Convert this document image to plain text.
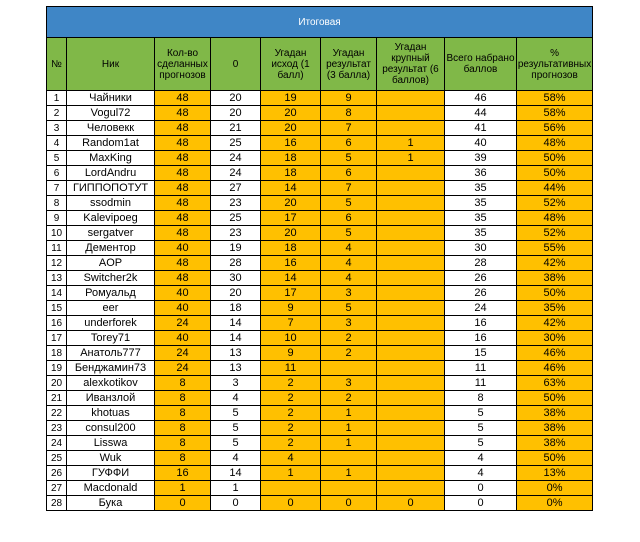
Итоговая								
№	Ник	Кол-во сделанных прогнозов	0	Угадан исход (1 балл)	Угадан результат (3 балла)	Угадан крупный результат (6 баллов)	Всего набрано баллов	% результативных прогнозов
1	Чайники	48	20	19	9		46	58%
2	Vogul72	48	20	20	8		44	58%
3	Человекк	48	21	20	7		41	56%
4	Random1at	48	25	16	6	1	40	48%
5	MaxKing	48	24	18	5	1	39	50%
6	LordAndru	48	24	18	6		36	50%
7	ГИППОПОТУТ	48	27	14	7		35	44%
8	ssodmin	48	23	20	5		35	52%
9	Kalevipoeg	48	25	17	6		35	48%
10	sergatver	48	23	20	5		35	52%
11	Дементор	40	19	18	4		30	55%
12	AOP	48	28	16	4		28	42%
13	Switcher2k	48	30	14	4		26	38%
14	Ромуальд	40	20	17	3		26	50%
15	eer	40	18	9	5		24	35%
16	underforek	24	14	7	3		16	42%
17	Torey71	40	14	10	2		16	30%
18	Анатоль777	24	13	9	2		15	46%
19	Бенджамин73	24	13	11			11	46%
20	alexkotikov	8	3	2	3		11	63%
21	Иванзлой	8	4	2	2		8	50%
22	khotuas	8	5	2	1		5	38%
23	consul200	8	5	2	1		5	38%
24	Lisswa	8	5	2	1		5	38%
25	Wuk	8	4	4			4	50%
26	ГУФФИ	16	14	1	1		4	13%
27	Macdonald	1	1				0	0%
28	Бука	0	0	0	0	0	0	0%
